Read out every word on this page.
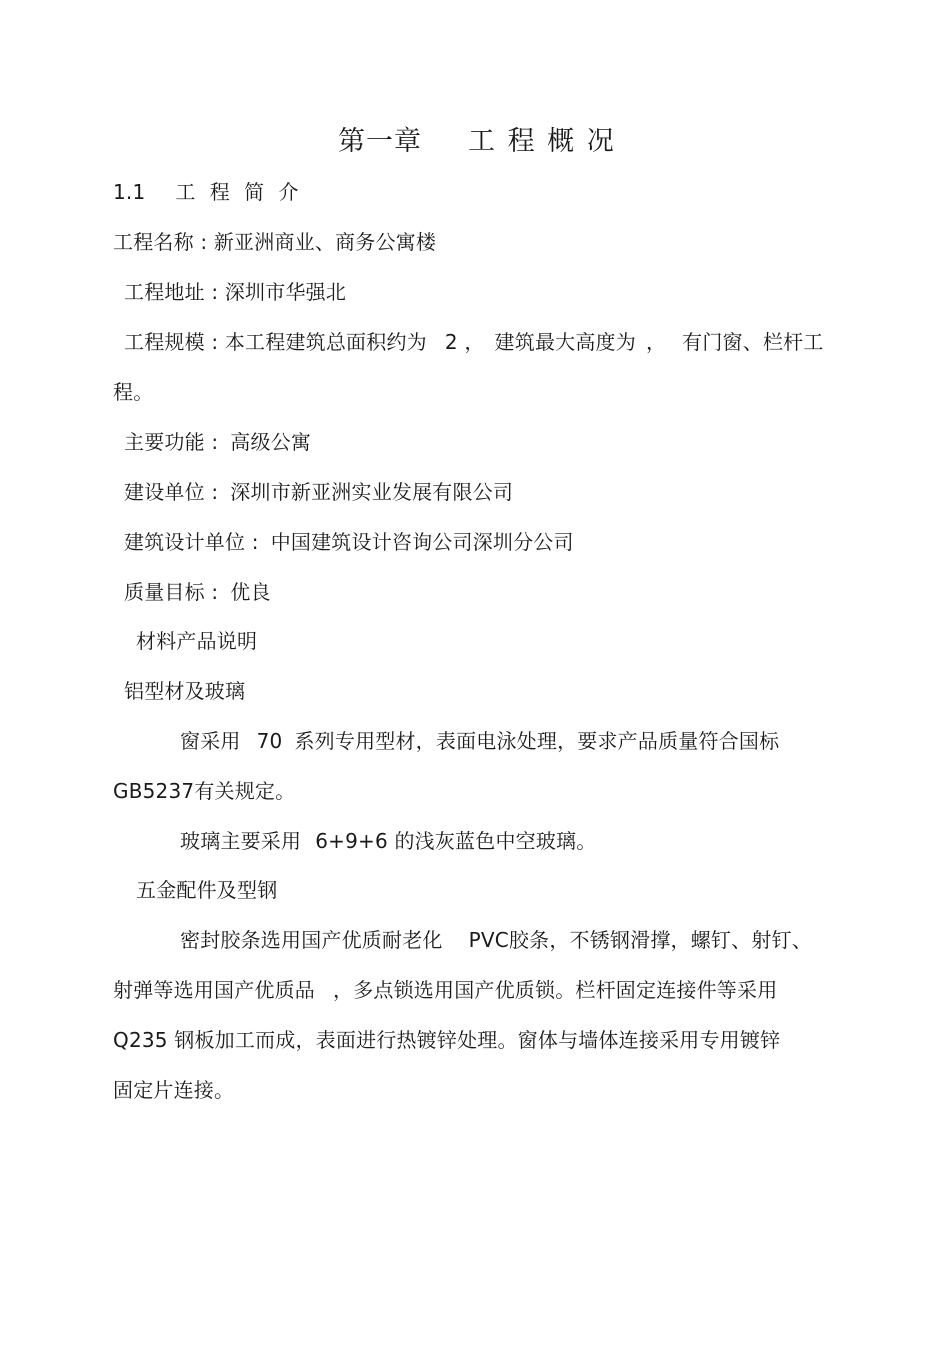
第一章 工 程 概 况
1.1 工 程 简 介
工程名称 : 新亚洲商业、商务公寓楼
工程地址 : 深圳市华强北
工程规模 : 本工程建筑总面积约为 2 ， 建筑最大高度为 ， 有门窗、栏杆工
程。
主要功能 : 高级公寓
建设单位 : 深圳市新亚洲实业发展有限公司
建筑设计单位 : 中国建筑设计咨询公司深圳分公司
质量目标 : 优良
材料产品说明
铝型材及玻璃
窗采用 70 系列专用型材，表面电泳处理，要求产品质量符合国标
GB5237有关规定。
玻璃主要采用 6+9+6 的浅灰蓝色中空玻璃。
五金配件及型钢
密封胶条选用国产优质耐老化 PVC胶条，不锈钢滑撑，螺钉、射钉、
射弹等选用国产优质品 ，多点锁选用国产优质锁。栏杆固定连接件等采用
Q235 钢板加工而成，表面进行热镀锌处理。窗体与墙体连接采用专用镀锌
固定片连接。
